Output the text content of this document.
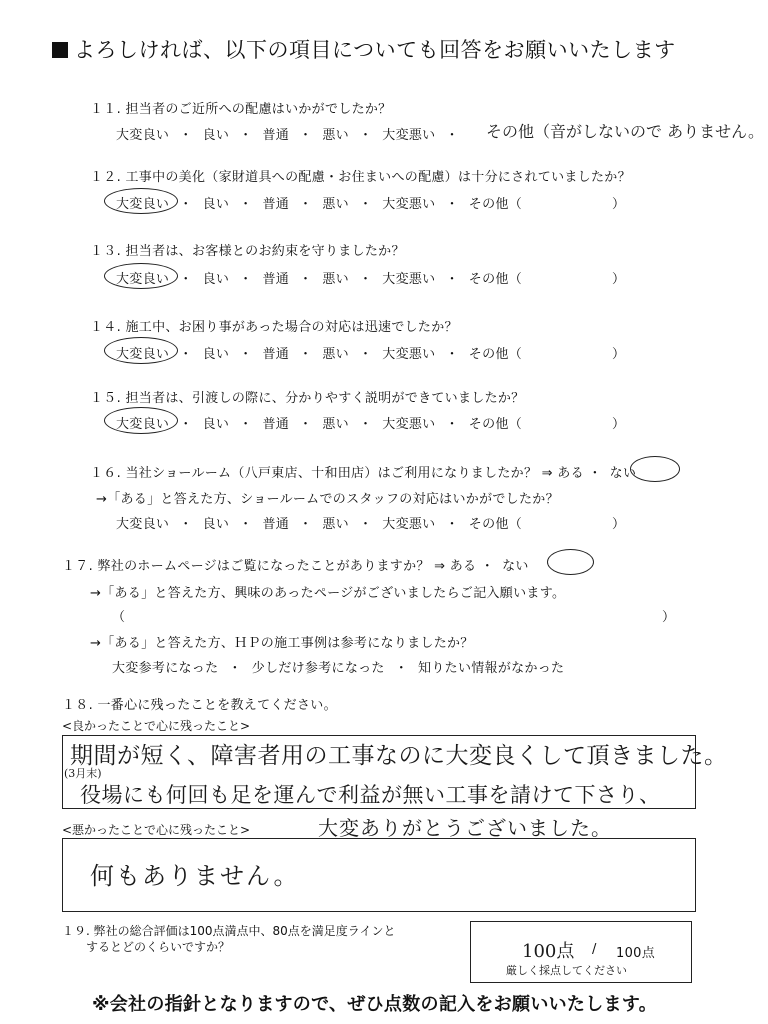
よろしければ、以下の項目についても回答をお願いいたします
１１. 担当者のご近所への配慮はいかがでしたか？
大変良い ・ 良い ・ 普通 ・ 悪い ・ 大変悪い ・	その他（音がしないので ありません。
１２. 工事中の美化（家財道具への配慮・お住まいへの配慮）は十分にされていましたか？
大変良い ・ 良い ・ 普通 ・ 悪い ・ 大変悪い ・ その他（	）
１３. 担当者は、お客様とのお約束を守りましたか？
大変良い ・ 良い ・ 普通 ・ 悪い ・ 大変悪い ・ その他（	）
１４. 施工中、お困り事があった場合の対応は迅速でしたか？
大変良い ・ 良い ・ 普通 ・ 悪い ・ 大変悪い ・ その他（	）
１５. 担当者は、引渡しの際に、分かりやすく説明ができていましたか？
大変良い ・ 良い ・ 普通 ・ 悪い ・ 大変悪い ・ その他（	）
１６. 当社ショールーム（八戸東店、十和田店）はご利用になりましたか？ ⇒ ある ・ ない
→「ある」と答えた方、ショールームでのスタッフの対応はいかがでしたか？
大変良い ・ 良い ・ 普通 ・ 悪い ・ 大変悪い ・ その他（	）
１７. 弊社のホームページはご覧になったことがありますか？ ⇒ ある ・ ない
→「ある」と答えた方、興味のあったページがございましたらご記入願います。
（	）
→「ある」と答えた方、ＨＰの施工事例は参考になりましたか？
大変参考になった ・ 少しだけ参考になった ・ 知りたい情報がなかった
１８. 一番心に残ったことを教えてください。
<良かったことで心に残ったこと>
期間が短く、障害者用の工事なのに大変良くして頂きました。
(3月末)
役場にも何回も足を運んで利益が無い工事を請けて下さり、
<悪かったことで心に残ったこと>	大変ありがとうございました。
何もありません。
１９. 弊社の総合評価は100点満点中、80点を満足度ラインと
するとどのくらいですか？	100点 / 100点
厳しく採点してください
※会社の指針となりますので、ぜひ点数の記入をお願いいたします。
